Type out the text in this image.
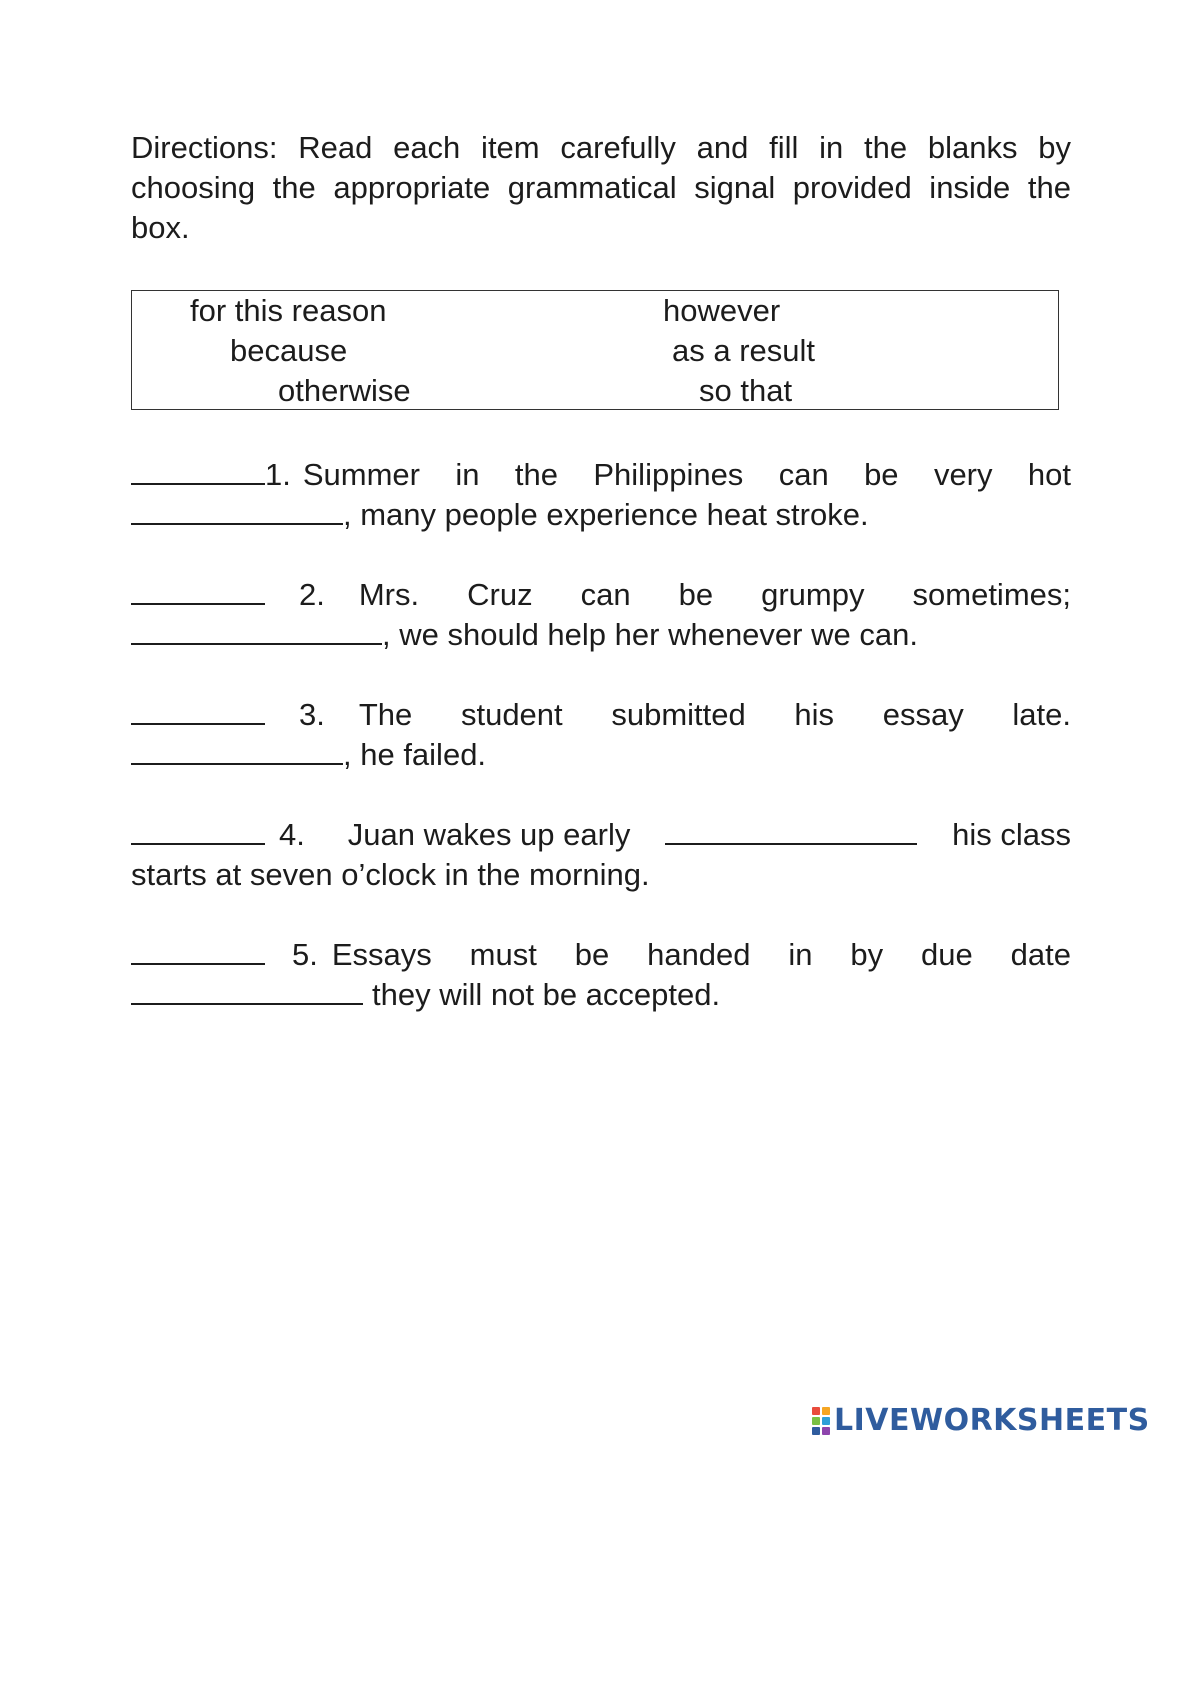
Directions: Read each item carefully and fill in the blanks by choosing the appropriate grammatical signal provided inside the box.

for this reason
because
otherwise
however
as a result
so that
1. Summer in the Philippines can be very hot
, many people experience heat stroke.
2. Mrs. Cruz can be grumpy sometimes;
, we should help her whenever we can.
3. The student submitted his essay late.
, he failed.
4. Juan wakes up early	his class
starts at seven o’clock in the morning.
5. Essays must be handed in by due date
they will not be accepted.
LIVEWORKSHEETS
